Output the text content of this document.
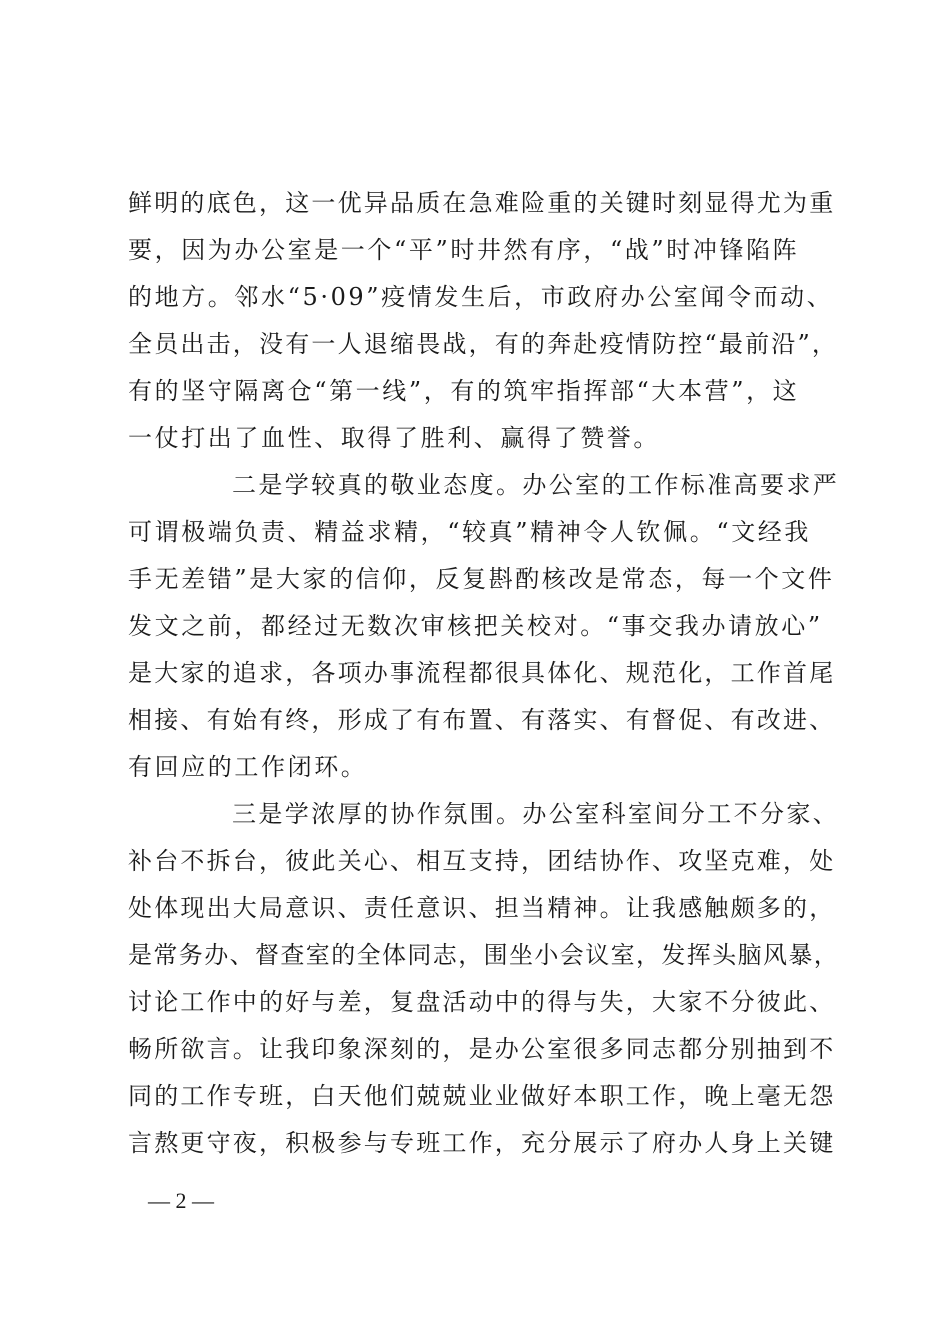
鲜明的底色，这一优异品质在急难险重的关键时刻显得尤为重
要，因为办公室是一个“平”时井然有序，“战”时冲锋陷阵
的地方。邻水“5·09”疫情发生后，市政府办公室闻令而动、
全员出击，没有一人退缩畏战，有的奔赴疫情防控“最前沿”，
有的坚守隔离仓“第一线”，有的筑牢指挥部“大本营”，这
一仗打出了血性、取得了胜利、赢得了赞誉。
二是学较真的敬业态度。办公室的工作标准高要求严
可谓极端负责、精益求精，“较真”精神令人钦佩。“文经我
手无差错”是大家的信仰，反复斟酌核改是常态，每一个文件
发文之前，都经过无数次审核把关校对。“事交我办请放心”
是大家的追求，各项办事流程都很具体化、规范化，工作首尾
相接、有始有终，形成了有布置、有落实、有督促、有改进、
有回应的工作闭环。
三是学浓厚的协作氛围。办公室科室间分工不分家、
补台不拆台，彼此关心、相互支持，团结协作、攻坚克难，处
处体现出大局意识、责任意识、担当精神。让我感触颇多的，
是常务办、督查室的全体同志，围坐小会议室，发挥头脑风暴，
讨论工作中的好与差，复盘活动中的得与失，大家不分彼此、
畅所欲言。让我印象深刻的，是办公室很多同志都分别抽到不
同的工作专班，白天他们兢兢业业做好本职工作，晚上毫无怨
言熬更守夜，积极参与专班工作，充分展示了府办人身上关键
— 2 —
